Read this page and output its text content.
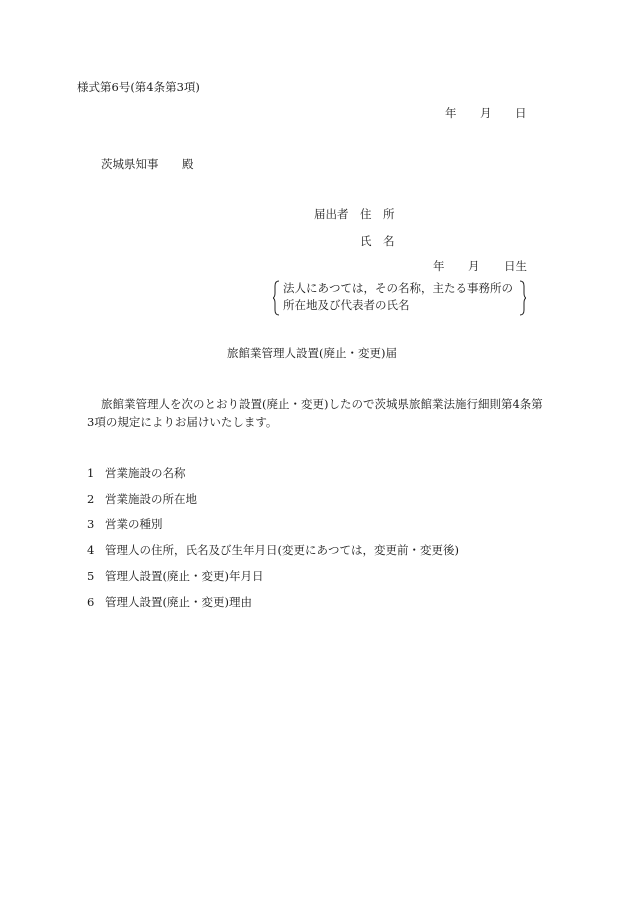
様式第6号(第4条第3項)
年 月 日
茨城県知事 殿
届出者 住　所
氏　名
年 月 日生
法人にあつては，その名称，主たる事務所の
所在地及び代表者の氏名
旅館業管理人設置(廃止・変更)届
旅館業管理人を次のとおり設置(廃止・変更)したので茨城県旅館業法施行細則第4条第
3項の規定によりお届けいたします。
1 営業施設の名称
2 営業施設の所在地
3 営業の種別
4 管理人の住所，氏名及び生年月日(変更にあつては，変更前・変更後)
5 管理人設置(廃止・変更)年月日
6 管理人設置(廃止・変更)理由
